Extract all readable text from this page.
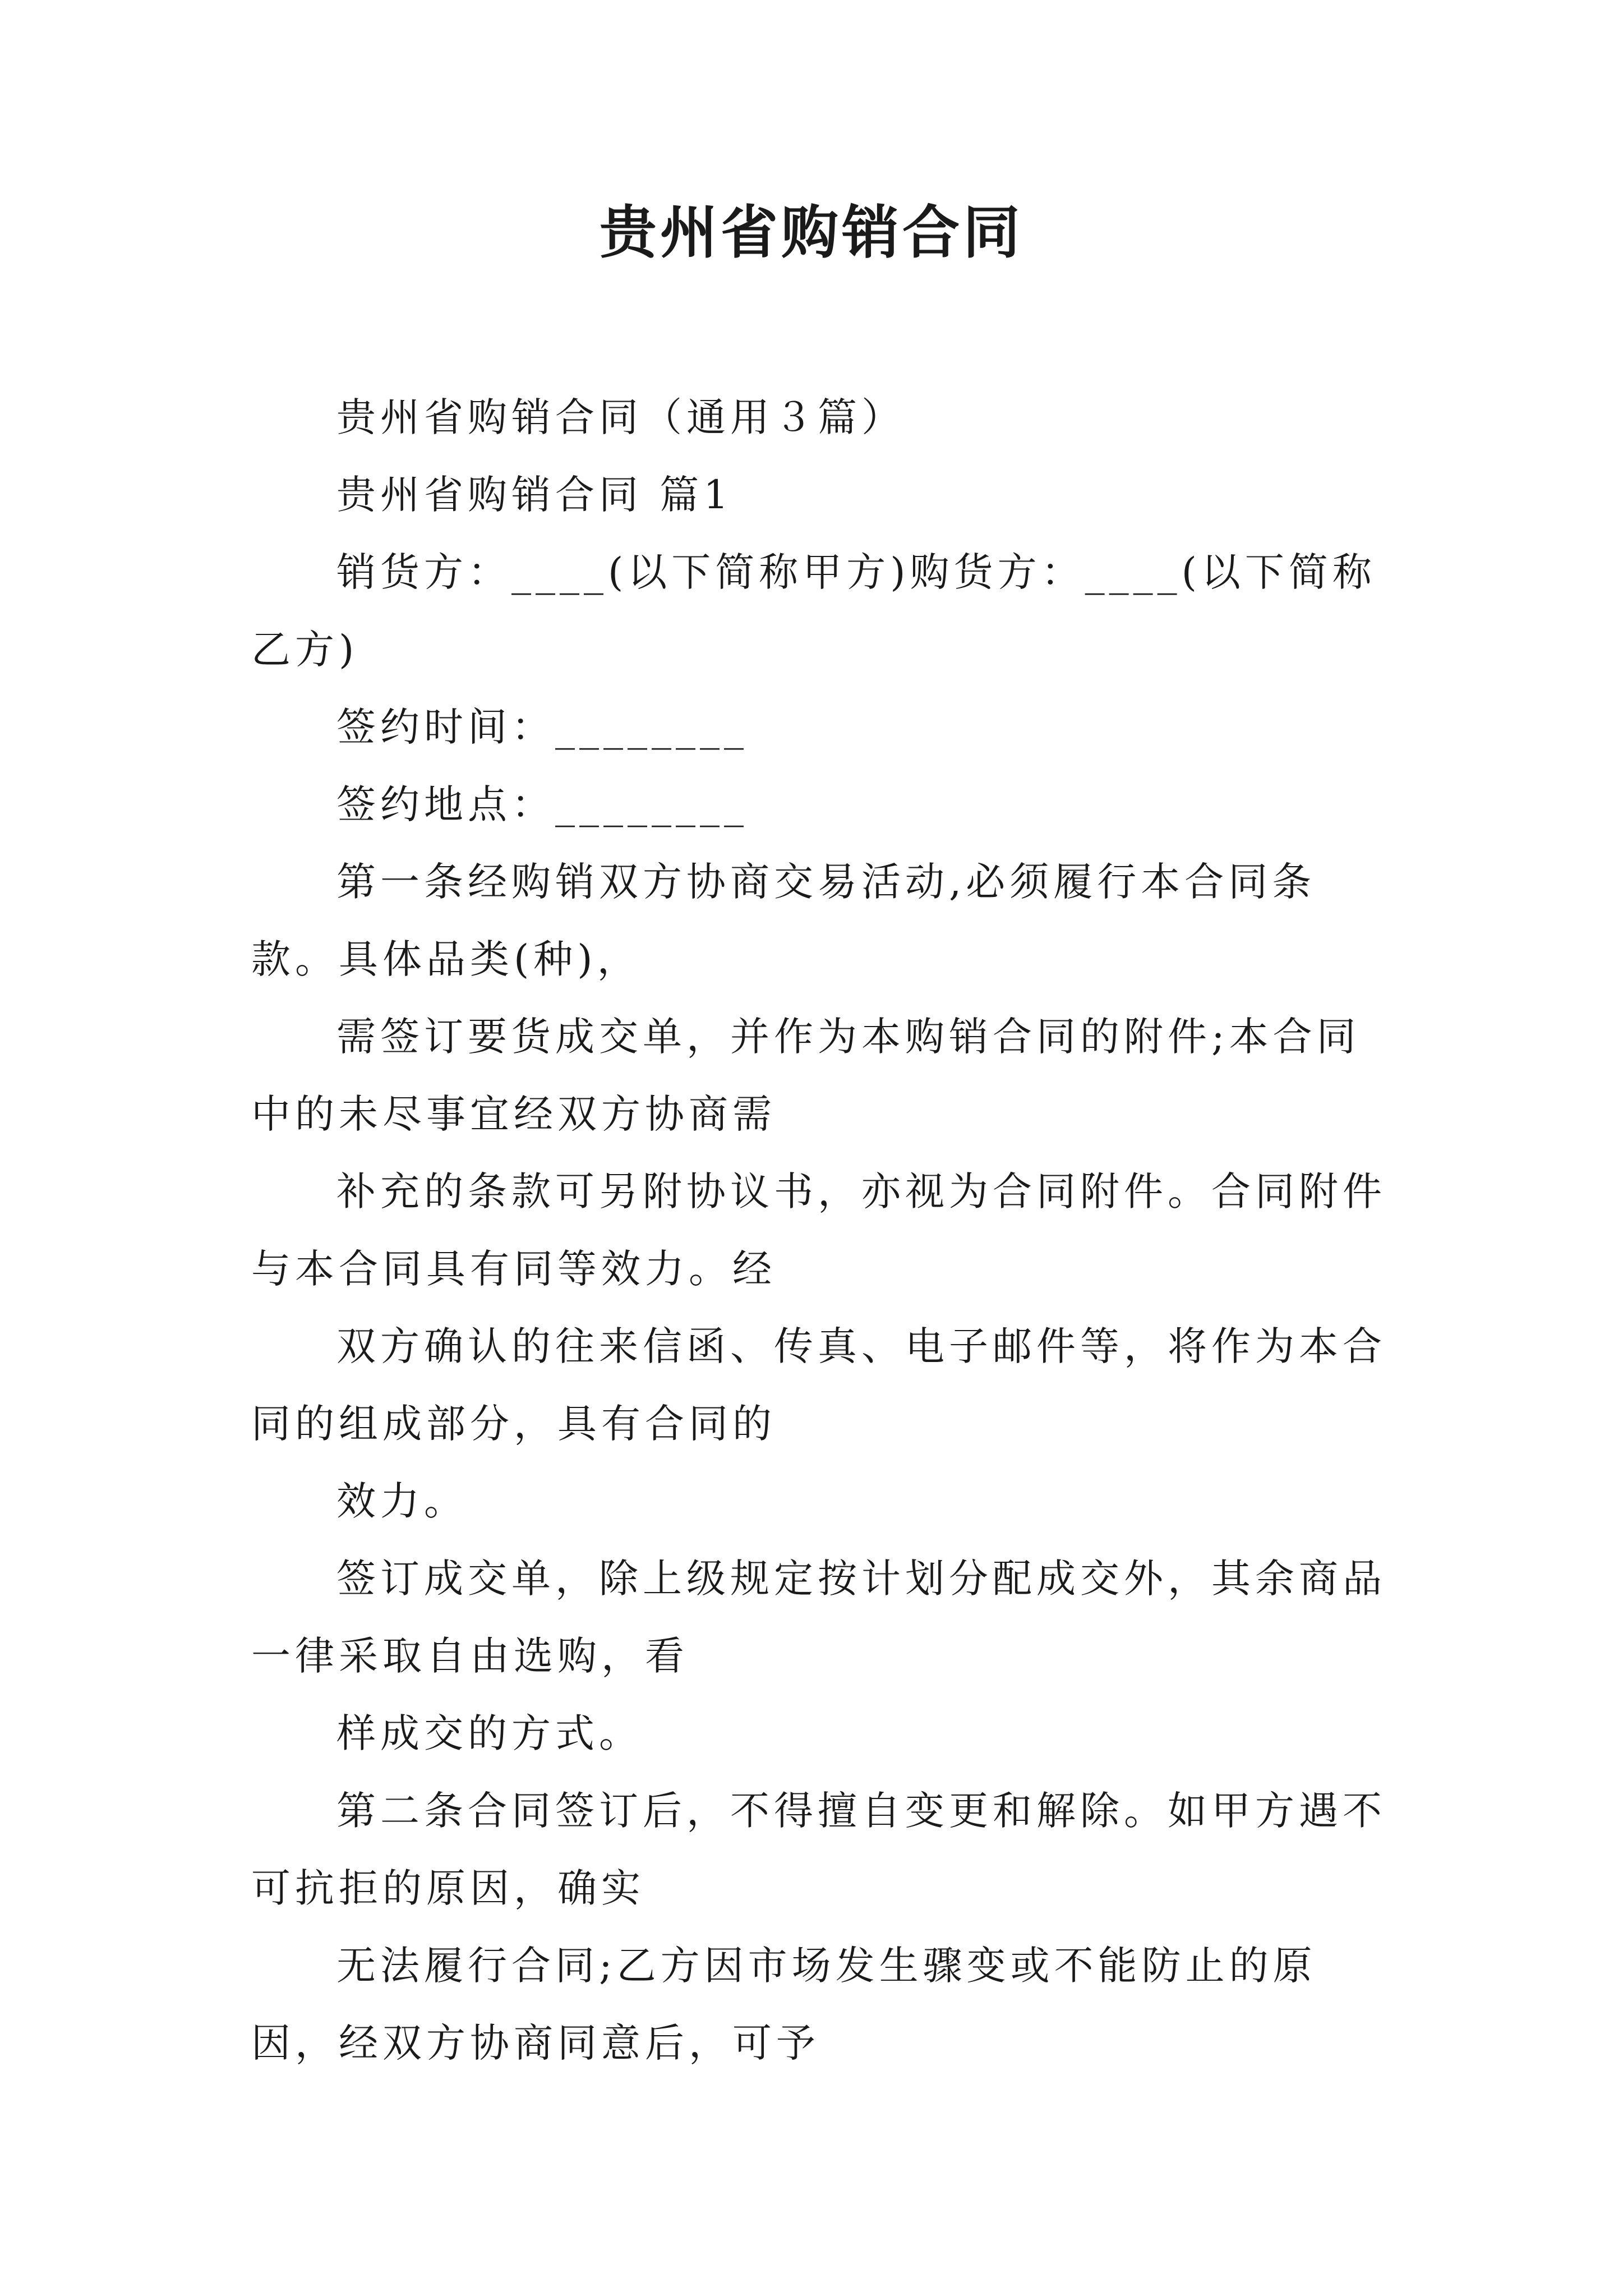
贵州省购销合同

贵州省购销合同（通用３篇）

贵州省购销合同 篇1

销货方：____(以下简称甲方)购货方：____(以下简称乙方)

签约时间：________

签约地点：________

第一条经购销双方协商交易活动,必须履行本合同条款。具体品类(种)，

需签订要货成交单，并作为本购销合同的附件;本合同中的未尽事宜经双方协商需

补充的条款可另附协议书，亦视为合同附件。合同附件与本合同具有同等效力。经

双方确认的往来信函、传真、电子邮件等，将作为本合同的组成部分，具有合同的

效力。

签订成交单，除上级规定按计划分配成交外，其余商品一律采取自由选购，看

样成交的方式。

第二条合同签订后，不得擅自变更和解除。如甲方遇不可抗拒的原因，确实

无法履行合同;乙方因市场发生骤变或不能防止的原因，经双方协商同意后，可予
